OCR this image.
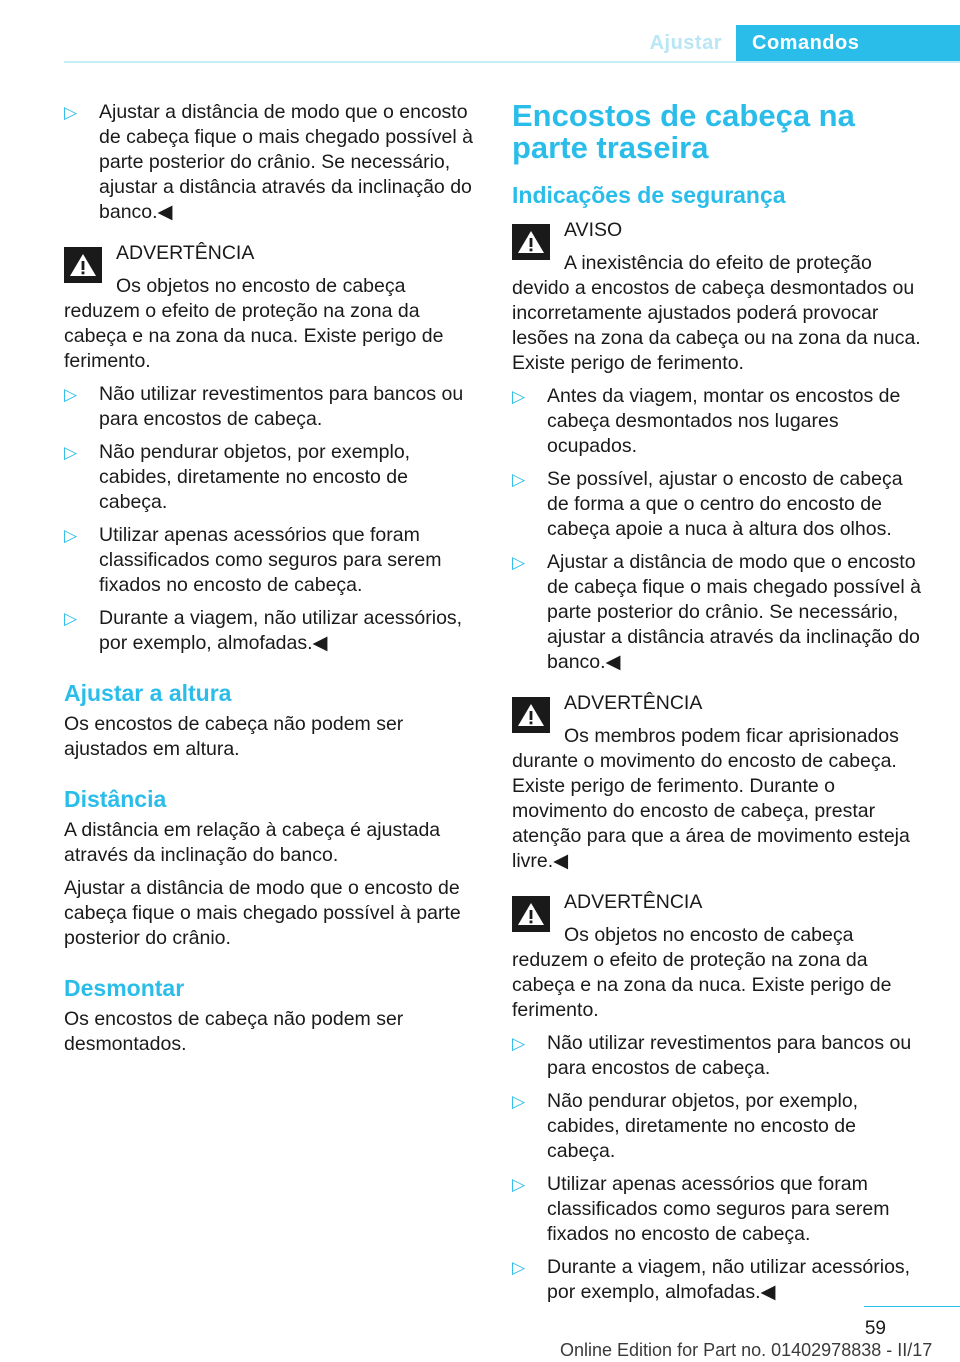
Ajustar	Comandos
▷ Ajustar a distância de modo que o encosto de cabeça fique o mais chegado possível à parte posterior do crânio. Se necessário, ajustar a distância através da inclinação do banco.◀
ADVERTÊNCIA
Os objetos no encosto de cabeça reduzem o efeito de proteção na zona da cabeça e na zona da nuca. Existe perigo de ferimento.
▷ Não utilizar revestimentos para bancos ou para encostos de cabeça.
▷ Não pendurar objetos, por exemplo, cabides, diretamente no encosto de cabeça.
▷ Utilizar apenas acessórios que foram classificados como seguros para serem fixados no encosto de cabeça.
▷ Durante a viagem, não utilizar acessórios, por exemplo, almofadas.◀
Ajustar a altura
Os encostos de cabeça não podem ser ajustados em altura.
Distância
A distância em relação à cabeça é ajustada através da inclinação do banco.
Ajustar a distância de modo que o encosto de cabeça fique o mais chegado possível à parte posterior do crânio.
Desmontar
Os encostos de cabeça não podem ser desmontados.
Encostos de cabeça na parte traseira
Indicações de segurança
AVISO
A inexistência do efeito de proteção devido a encostos de cabeça desmontados ou incorretamente ajustados poderá provocar lesões na zona da cabeça ou na zona da nuca. Existe perigo de ferimento.
▷ Antes da viagem, montar os encostos de cabeça desmontados nos lugares ocupados.
▷ Se possível, ajustar o encosto de cabeça de forma a que o centro do encosto de cabeça apoie a nuca à altura dos olhos.
▷ Ajustar a distância de modo que o encosto de cabeça fique o mais chegado possível à parte posterior do crânio. Se necessário, ajustar a distância através da inclinação do banco.◀
ADVERTÊNCIA
Os membros podem ficar aprisionados durante o movimento do encosto de cabeça. Existe perigo de ferimento. Durante o movimento do encosto de cabeça, prestar atenção para que a área de movimento esteja livre.◀
ADVERTÊNCIA
Os objetos no encosto de cabeça reduzem o efeito de proteção na zona da cabeça e na zona da nuca. Existe perigo de ferimento.
▷ Não utilizar revestimentos para bancos ou para encostos de cabeça.
▷ Não pendurar objetos, por exemplo, cabides, diretamente no encosto de cabeça.
▷ Utilizar apenas acessórios que foram classificados como seguros para serem fixados no encosto de cabeça.
▷ Durante a viagem, não utilizar acessórios, por exemplo, almofadas.◀
59
Online Edition for Part no. 01402978838 - II/17
